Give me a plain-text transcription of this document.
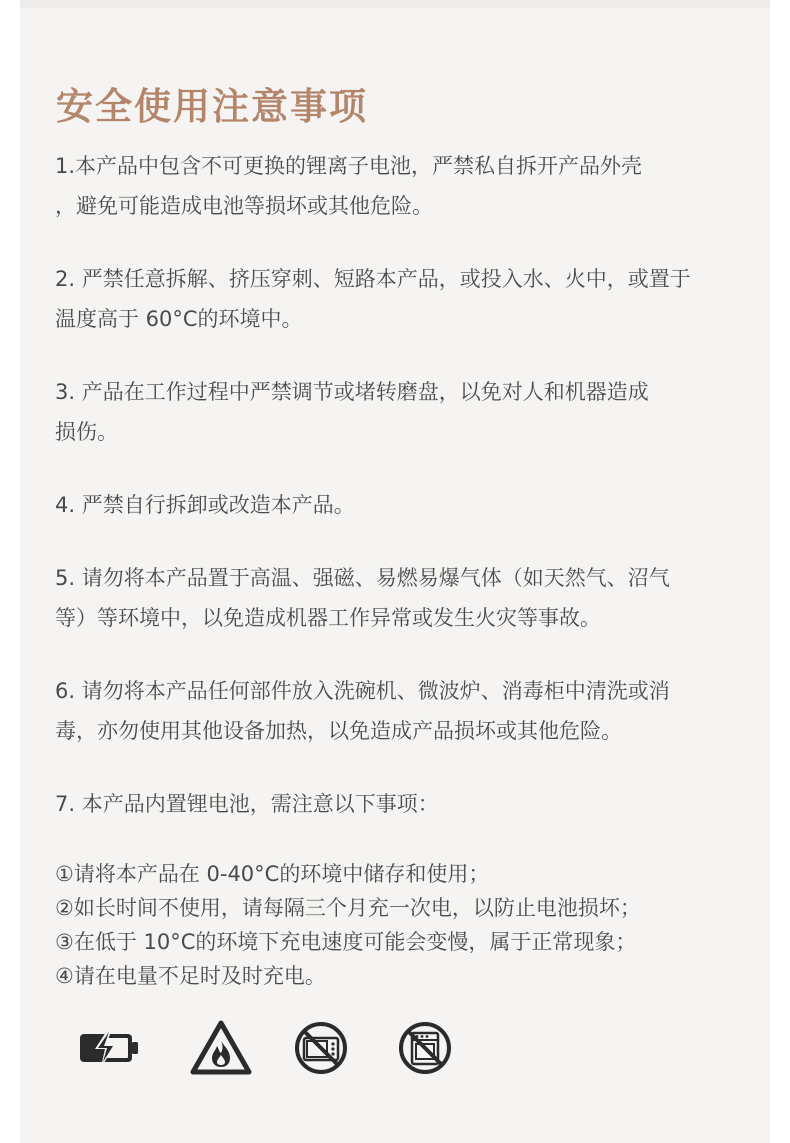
安全使用注意事项

1.本产品中包含不可更换的锂离子电池，严禁私自拆开产品外壳
，避免可能造成电池等损坏或其他危险。

2. 严禁任意拆解、挤压穿刺、短路本产品，或投入水、火中，或置于
温度高于 60°C的环境中。

3. 产品在工作过程中严禁调节或堵转磨盘，以免对人和机器造成
损伤。

4. 严禁自行拆卸或改造本产品。

5. 请勿将本产品置于高温、强磁、易燃易爆气体（如天然气、沼气
等）等环境中，以免造成机器工作异常或发生火灾等事故。

6. 请勿将本产品任何部件放入洗碗机、微波炉、消毒柜中清洗或消
毒，亦勿使用其他设备加热，以免造成产品损坏或其他危险。

7. 本产品内置锂电池，需注意以下事项：

①请将本产品在 0-40°C的环境中储存和使用；
②如长时间不使用，请每隔三个月充一次电，以防止电池损坏；
③在低于 10°C的环境下充电速度可能会变慢，属于正常现象；
④请在电量不足时及时充电。
